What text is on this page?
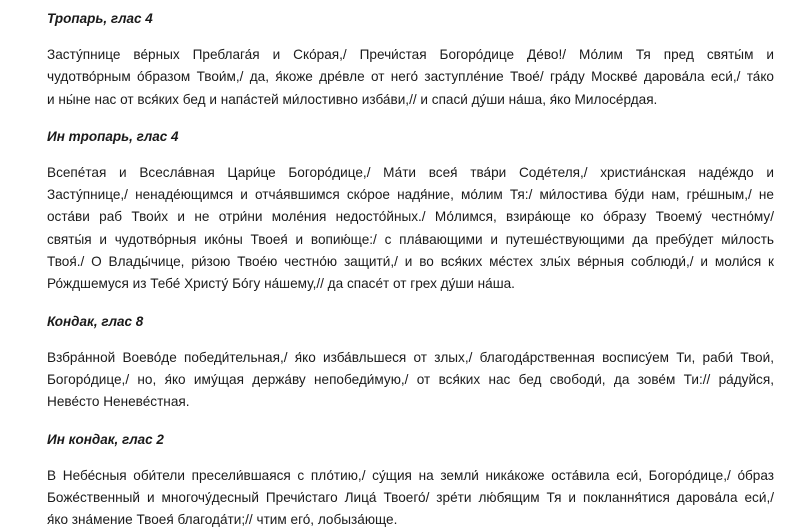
Тропарь, глас 4

Засту́пнице ве́рных Преблага́я и Ско́рая,/ Пречи́стая Богоро́дице Де́во!/ Мо́лим Тя пред святы́м и
чудотво́рным о́бразом Твои́м,/ да, я́коже дре́вле от него́ заступле́ние Твое́/ гра́ду Москве́ дарова́ла еси́,/ та́ко
и ны́не нас от вся́ких бед и напа́стей ми́лостивно изба́ви,// и спаси́ ду́ши на́ша, я́ко Милосе́рдая.

Ин тропарь, глас 4

Всепе́тая и Всесла́вная Цари́це Богоро́дице,/ Ма́ти всея́ тва́ри Соде́теля,/ христиа́нская наде́ждо и
Засту́пнице,/ ненаде́ющимся и отча́явшимся ско́рое надя́ние, мо́лим Тя:/ ми́лостива бу́ди нам, гре́шным,/ не
оста́ви раб Твои́х и не отри́ни моле́ния недосто́йных./ Мо́лимся, взира́юще ко о́бразу Твоему́ честно́му/
святы́я и чудотво́рныя ико́ны Твоея́ и вопию́ще:/ с пла́вающими и путеше́ствующими да пребу́дет ми́лость
Твоя́./ О Влады́чице, ри́зою Твое́ю честно́ю защити́,/ и во вся́ких ме́стех злы́х ве́рныя соблюди́,/ и моли́ся к
Ро́ждшемуся из Тебе́ Христу́ Бо́гу на́шему,// да спасе́т от грех ду́ши на́ша.

Кондак, глас 8

Взбра́нной Воево́де победи́тельная,/ я́ко изба́вльшеся от злых,/ благода́рственная воспису́ем Ти, раби́ Твои́,
Богоро́дице,/ но, я́ко иму́щая держа́ву непобеди́мую,/ от вся́ких нас бед свободи́, да зове́м Ти:// ра́дуйся,
Неве́сто Неневе́стная.

Ин кондак, глас 2

В Небе́сныя оби́тели пресели́вшаяся с пло́тию,/ су́щия на земли́ ника́коже оста́вила еси́, Богоро́дице,/ о́браз
Боже́ственный и многочу́десный Пречи́стаго Лица́ Твоего́/ зре́ти лю́бящим Тя и поклання́тися дарова́ла еси́,/
я́ко зна́мение Твоея́ благода́ти;// чтим его́, лобыза́юще.
